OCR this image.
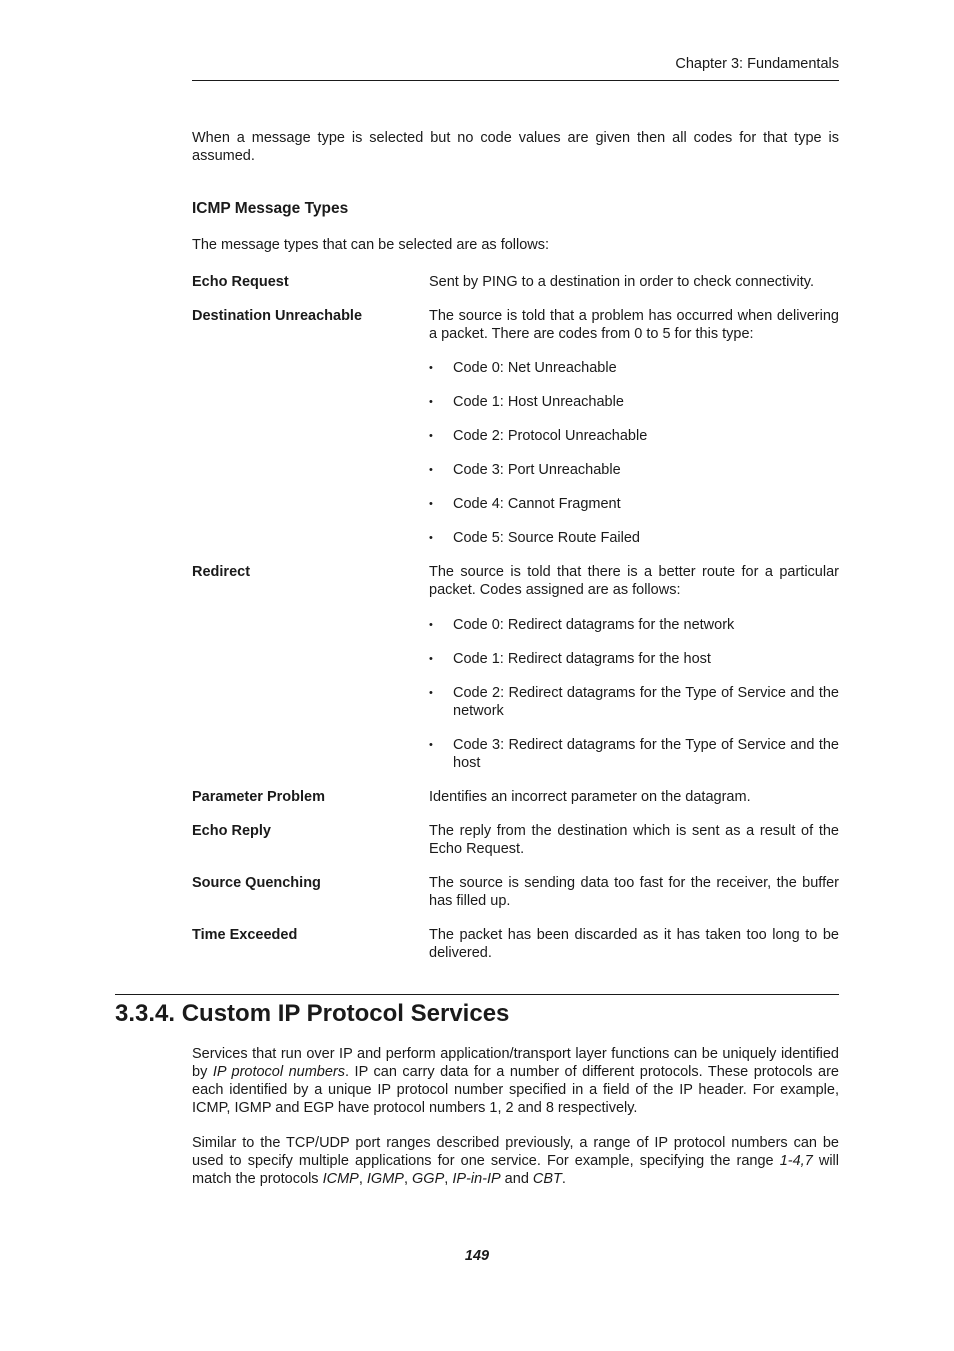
Chapter 3: Fundamentals

When a message type is selected but no code values are given then all codes for that type is assumed.

ICMP Message Types

The message types that can be selected are as follows:

Echo Request	Sent by PING to a destination in order to check connectivity.

Destination Unreachable	The source is told that a problem has occurred when delivering a packet. There are codes from 0 to 5 for this type:

• Code 0: Net Unreachable
• Code 1: Host Unreachable
• Code 2: Protocol Unreachable
• Code 3: Port Unreachable
• Code 4: Cannot Fragment
• Code 5: Source Route Failed
Redirect	The source is told that there is a better route for a particular packet. Codes assigned are as follows:

• Code 0: Redirect datagrams for the network
• Code 1: Redirect datagrams for the host
• Code 2: Redirect datagrams for the Type of Service and the network
• Code 3: Redirect datagrams for the Type of Service and the host
Parameter Problem	Identifies an incorrect parameter on the datagram.

Echo Reply	The reply from the destination which is sent as a result of the Echo Request.

Source Quenching	The source is sending data too fast for the receiver, the buffer has filled up.

Time Exceeded	The packet has been discarded as it has taken too long to be delivered.

3.3.4. Custom IP Protocol Services

Services that run over IP and perform application/transport layer functions can be uniquely identified by IP protocol numbers. IP can carry data for a number of different protocols. These protocols are each identified by a unique IP protocol number specified in a field of the IP header. For example, ICMP, IGMP and EGP have protocol numbers 1, 2 and 8 respectively.

Similar to the TCP/UDP port ranges described previously, a range of IP protocol numbers can be used to specify multiple applications for one service. For example, specifying the range 1-4,7 will match the protocols ICMP, IGMP, GGP, IP-in-IP and CBT.

149
